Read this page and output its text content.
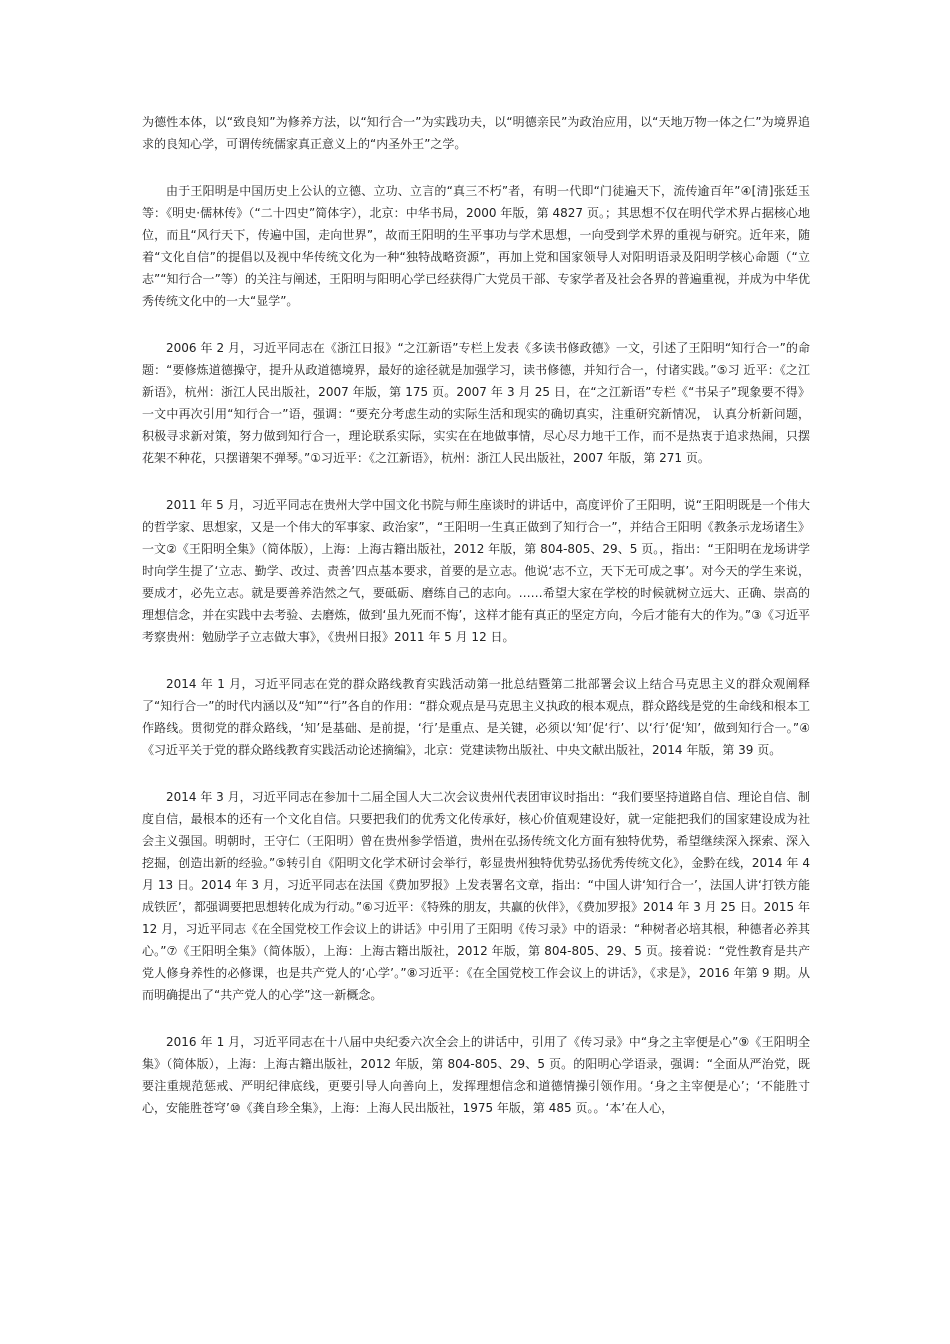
为德性本体，以“致良知”为修养方法，以“知行合一”为实践功夫，以“明德亲民”为政治应用，以“天地万物一体之仁”为境界追求的良知心学，可谓传统儒家真正意义上的“内圣外王”之学。

由于王阳明是中国历史上公认的立德、立功、立言的“真三不朽”者，有明一代即“门徒遍天下，流传逾百年”④[清]张廷玉等：《明史·儒林传》（“二十四史”简体字），北京：中华书局，2000 年版，第 4827 页。；其思想不仅在明代学术界占据核心地位，而且“风行天下，传遍中国，走向世界”，故而王阳明的生平事功与学术思想，一向受到学术界的重视与研究。近年来，随着“文化自信”的提倡以及视中华传统文化为一种“独特战略资源”，再加上党和国家领导人对阳明语录及阳明学核心命题（“立志”“知行合一”等）的关注与阐述，王阳明与阳明心学已经获得广大党员干部、专家学者及社会各界的普遍重视，并成为中华优秀传统文化中的一大“显学”。

2006 年 2 月，习近平同志在《浙江日报》“之江新语”专栏上发表《多读书修政德》一文，引述了王阳明“知行合一”的命题：“要修炼道德操守，提升从政道德境界，最好的途径就是加强学习，读书修德，并知行合一，付诸实践。”⑤习 近平：《之江新语》，杭州：浙江人民出版社，2007 年版，第 175 页。2007 年 3 月 25 日，在“之江新语”专栏《“书呆子”现象要不得》一文中再次引用“知行合一”语，强调：“要充分考虑生动的实际生活和现实的确切真实，注重研究新情况， 认真分析新问题，积极寻求新对策，努力做到知行合一，理论联系实际，实实在在地做事情，尽心尽力地干工作，而不是热衷于追求热闹，只摆花架不种花，只摆谱架不弹琴。”①习近平：《之江新语》，杭州：浙江人民出版社，2007 年版，第 271 页。

2011 年 5 月，习近平同志在贵州大学中国文化书院与师生座谈时的讲话中，高度评价了王阳明，说“王阳明既是一个伟大的哲学家、思想家，又是一个伟大的军事家、政治家”，“王阳明一生真正做到了知行合一”，并结合王阳明《教条示龙场诸生》一文②《王阳明全集》（简体版），上海：上海古籍出版社，2012 年版，第 804-805、29、5 页。，指出：“王阳明在龙场讲学时向学生提了‘立志、勤学、改过、责善’四点基本要求，首要的是立志。他说‘志不立，天下无可成之事’。对今天的学生来说，要成才，必先立志。就是要善养浩然之气，要砥砺、磨练自己的志向。……希望大家在学校的时候就树立远大、正确、崇高的理想信念，并在实践中去考验、去磨炼，做到‘虽九死而不悔’，这样才能有真正的坚定方向，今后才能有大的作为。”③《习近平考察贵州：勉励学子立志做大事》，《贵州日报》2011 年 5 月 12 日。

2014 年 1 月，习近平同志在党的群众路线教育实践活动第一批总结暨第二批部署会议上结合马克思主义的群众观阐释了“知行合一”的时代内涵以及“知”“行”各自的作用：“群众观点是马克思主义执政的根本观点，群众路线是党的生命线和根本工作路线。贯彻党的群众路线，‘知’是基础、是前提，‘行’是重点、是关键，必须以‘知’促‘行’、以‘行’促‘知’，做到知行合一。”④《习近平关于党的群众路线教育实践活动论述摘编》，北京：党建读物出版社、中央文献出版社，2014 年版，第 39 页。

2014 年 3 月，习近平同志在参加十二届全国人大二次会议贵州代表团审议时指出：“我们要坚持道路自信、理论自信、制度自信，最根本的还有一个文化自信。只要把我们的优秀文化传承好，核心价值观建设好，就一定能把我们的国家建设成为社会主义强国。明朝时，王守仁（王阳明）曾在贵州参学悟道，贵州在弘扬传统文化方面有独特优势，希望继续深入探索、深入挖掘，创造出新的经验。”⑤转引自《阳明文化学术研讨会举行，彰显贵州独特优势弘扬优秀传统文化》，金黔在线，2014 年 4 月 13 日。2014 年 3 月，习近平同志在法国《费加罗报》上发表署名文章，指出：“中国人讲‘知行合一’，法国人讲‘打铁方能成铁匠’，都强调要把思想转化成为行动。”⑥习近平：《特殊的朋友，共赢的伙伴》，《费加罗报》2014 年 3 月 25 日。2015 年 12 月，习近平同志《在全国党校工作会议上的讲话》中引用了王阳明《传习录》中的语录：“种树者必培其根，种德者必养其心。”⑦《王阳明全集》（简体版），上海：上海古籍出版社，2012 年版，第 804-805、29、5 页。接着说：“党性教育是共产党人修身养性的必修课，也是共产党人的‘心学’。”⑧习近平：《在全国党校工作会议上的讲话》，《求是》，2016 年第 9 期。从而明确提出了“共产党人的心学”这一新概念。

2016 年 1 月，习近平同志在十八届中央纪委六次全会上的讲话中，引用了《传习录》中“身之主宰便是心”⑨《王阳明全集》（简体版），上海：上海古籍出版社，2012 年版，第 804-805、29、5 页。的阳明心学语录，强调：“全面从严治党，既要注重规范惩戒、严明纪律底线，更要引导人向善向上，发挥理想信念和道德情操引领作用。‘身之主宰便是心’；‘不能胜寸心，安能胜苍穹’⑩《龚自珍全集》，上海：上海人民出版社，1975 年版，第 485 页。。‘本’在人心，
